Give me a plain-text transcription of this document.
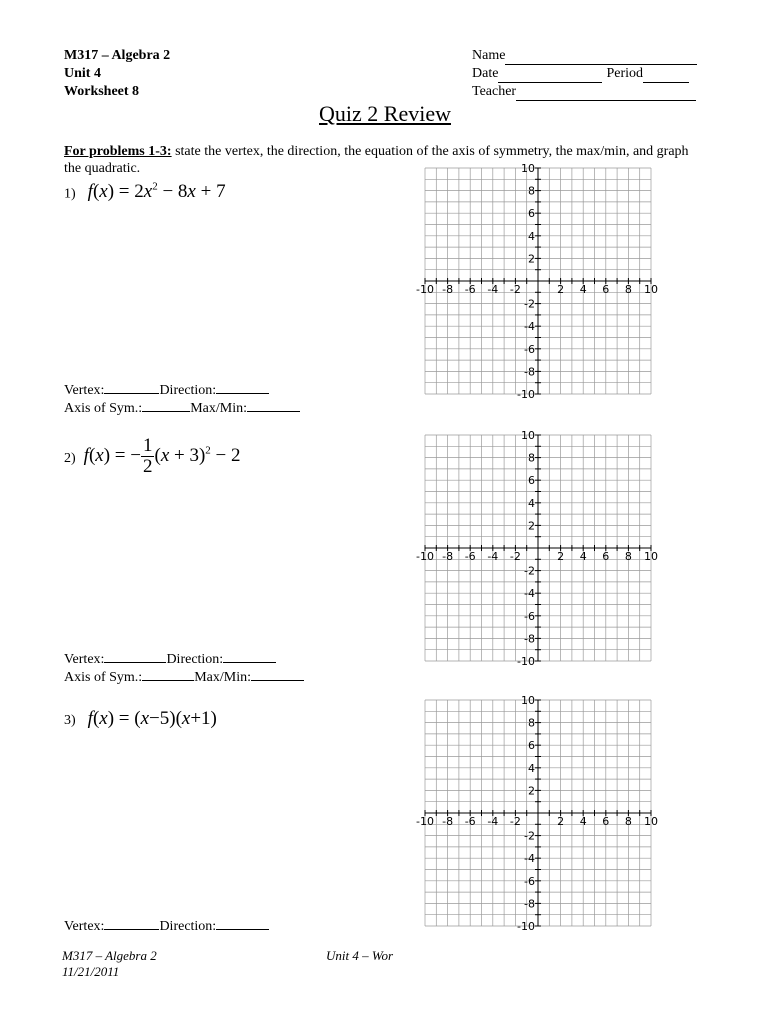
M317 – Algebra 2
Unit 4
Worksheet 8
Name
Date	Period
Teacher
Quiz 2 Review
For problems 1-3: state the vertex, the direction, the equation of the axis of symmetry, the max/min, and graph the quadratic.
1) $f(x) = 2x^2 - 8x + 7$
2) f(x) = − $\frac{1}{2} (x + 3)^2 - 2$
3) f(x) = (x−5)(x+1)
Vertex:	Direction:
Axis of Sym.:	Max/Min:
Vertex:	Direction:
Axis of Sym.:	Max/Min:
Vertex:	Direction:
-10 -8 -6 -4 -2	2 4 6 8 10
10
8
6
4
2
-2
-4
-6
-8
-10
-10 -8 -6 -4 -2	2 4 6 8 10
10
8
6
4
2
-2
-4
-6
-8
-10
-10 -8 -6 -4 -2	2 4 6 8 10
10
8
6
4
2
-2
-4
-6
-8
-10
M317 – Algebra 2
11/21/2011
Unit 4 – Wor
